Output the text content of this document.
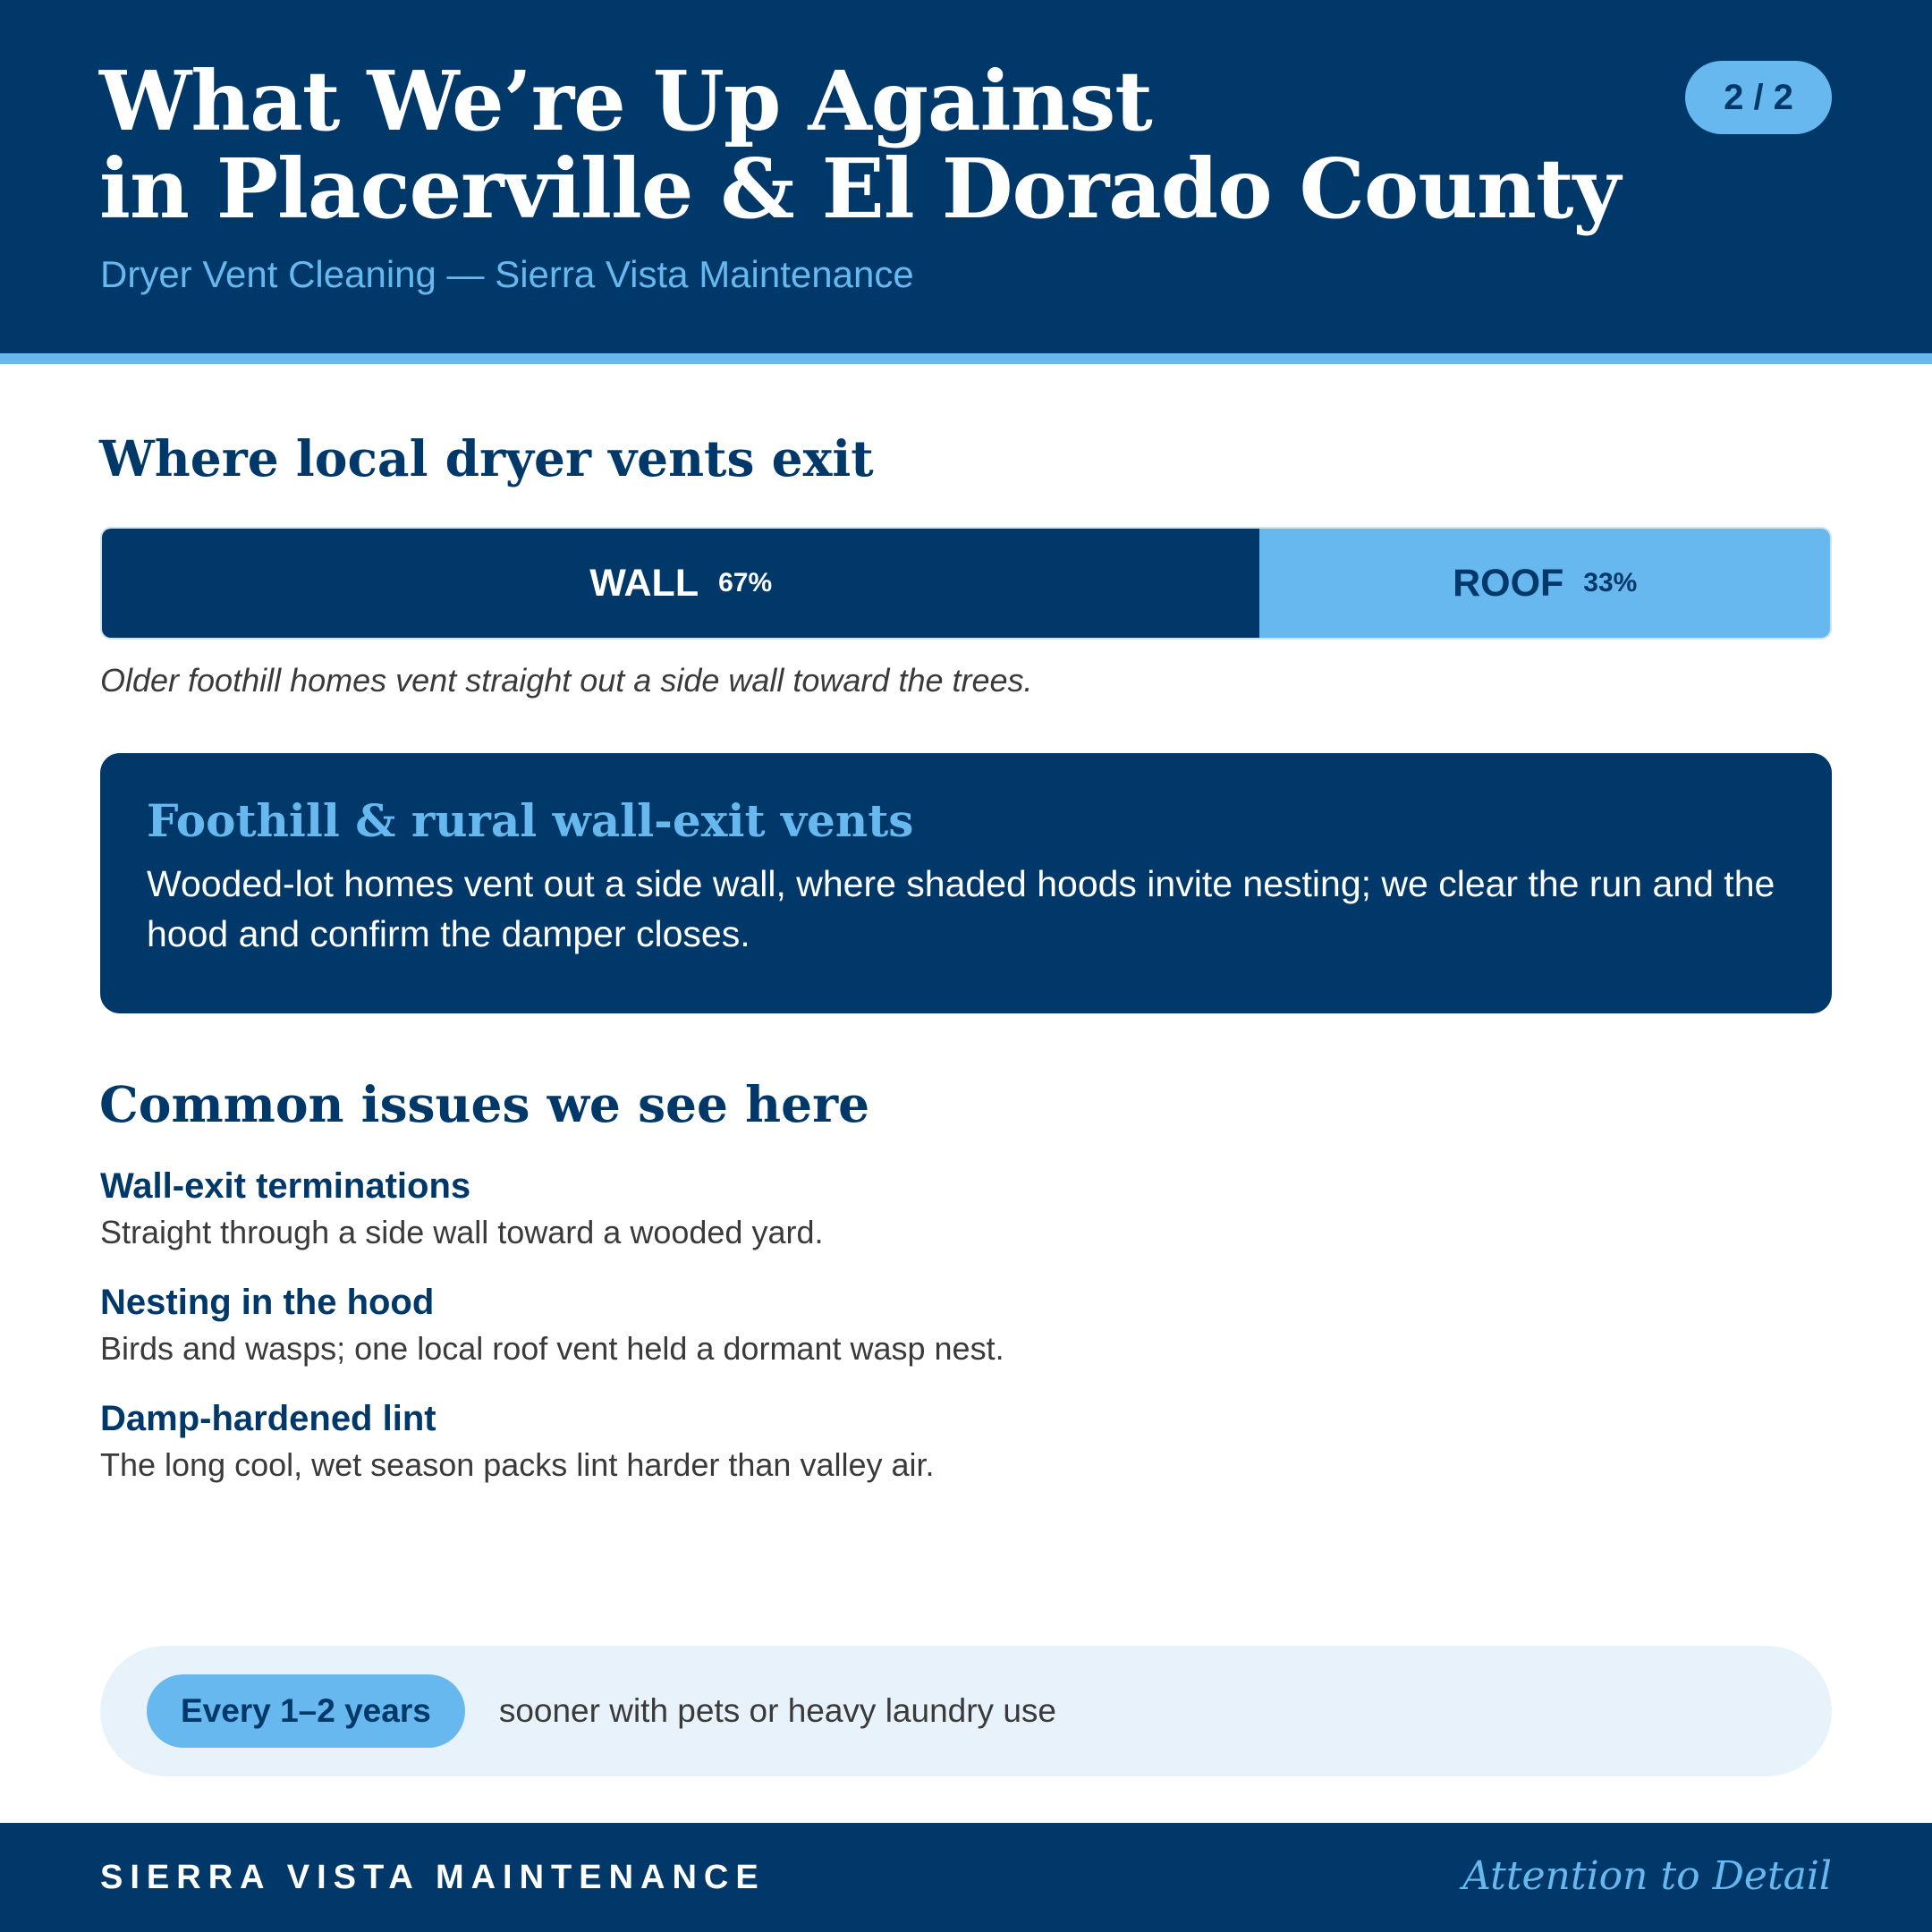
What We’re Up Against
in Placerville & El Dorado County
Dryer Vent Cleaning — Sierra Vista Maintenance
2 / 2
Where local dryer vents exit
WALL 67%	ROOF 33%
Older foothill homes vent straight out a side wall toward the trees.
Foothill & rural wall-exit vents

Wooded-lot homes vent out a side wall, where shaded hoods invite nesting; we clear the run and the hood and confirm the damper closes.

Common issues we see here
Wall-exit terminations
Straight through a side wall toward a wooded yard.
Nesting in the hood
Birds and wasps; one local roof vent held a dormant wasp nest.
Damp-hardened lint
The long cool, wet season packs lint harder than valley air.
Every 1–2 years	sooner with pets or heavy laundry use
SIERRA VISTA MAINTENANCE	Attention to Detail
